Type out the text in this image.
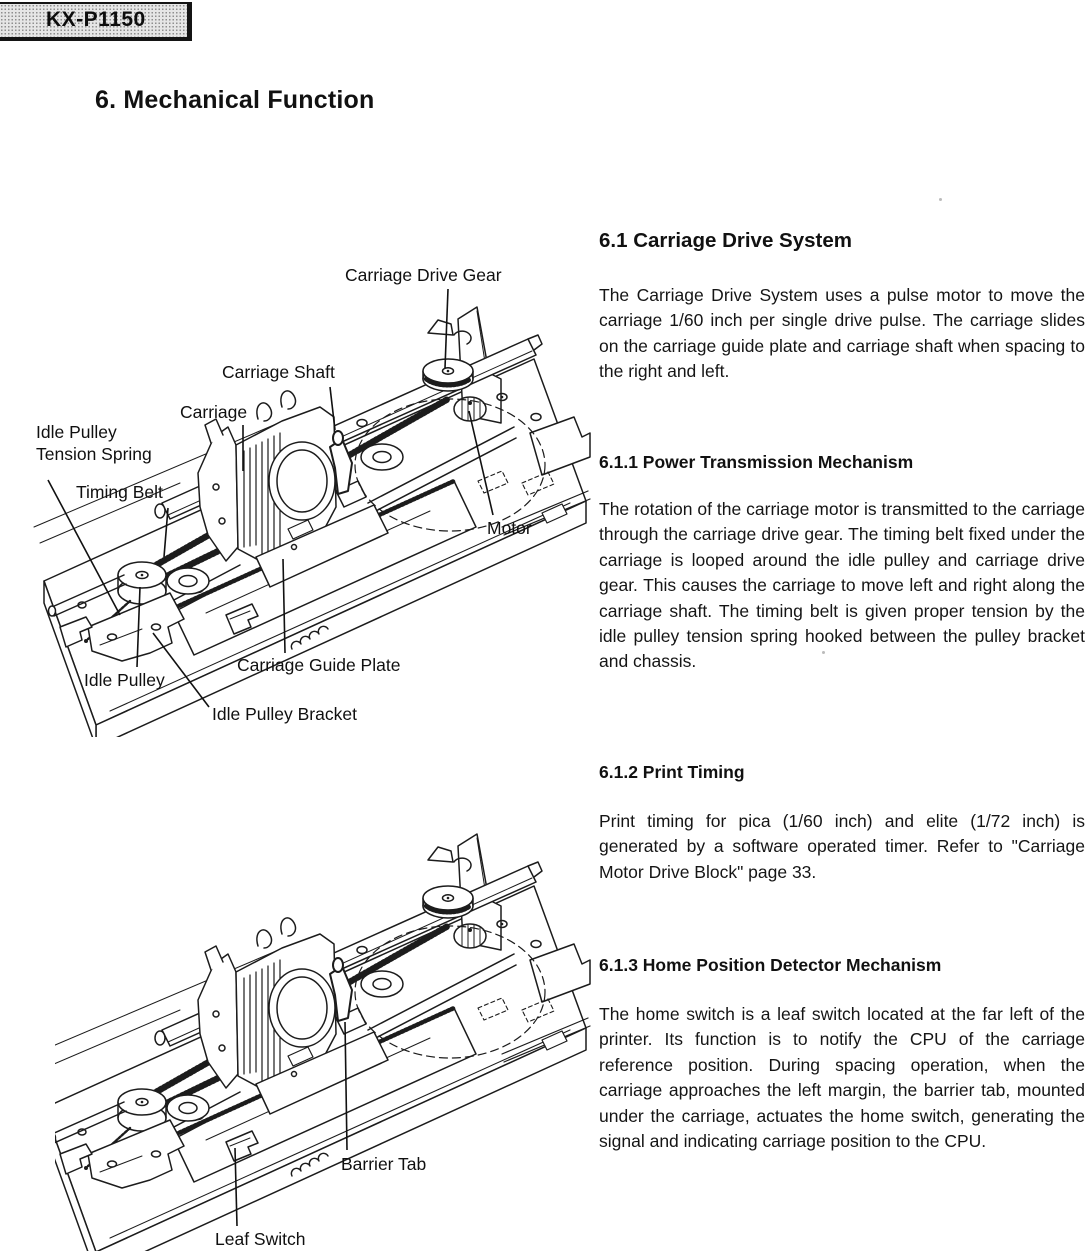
KX-P1150
6. Mechanical Function
6.1 Carriage Drive System
The Carriage Drive System uses a pulse motor to move the carriage 1/60 inch per single drive pulse. The carriage slides on the carriage guide plate and carriage shaft when spacing to the right and left.
6.1.1 Power Transmission Mechanism
The rotation of the carriage motor is transmitted to the carriage through the carriage drive gear. The timing belt fixed under the carriage is looped around the idle pulley and carriage drive gear. This causes the carriage to move left and right along the carriage shaft. The timing belt is given proper tension by the idle pulley tension spring hooked between the pulley bracket and chassis.
6.1.2 Print Timing
Print timing for pica (1/60 inch) and elite (1/72 inch) is generated by a software operated timer. Refer to "Carriage Motor Drive Block" page 33.
6.1.3 Home Position Detector Mechanism
The home switch is a leaf switch located at the far left of the printer. Its function is to notify the CPU of the carriage reference position. During spacing operation, when the carriage approaches the left margin, the barrier tab, mounted under the carriage, actuates the home switch, generating the signal and indicating carriage position to the CPU.
Carriage Drive Gear
Carriage Shaft
Carriage
Idle Pulley Tension Spring
Timing Belt
Motor
Idle Pulley
Carriage Guide Plate
Idle Pulley Bracket
Barrier Tab
Leaf Switch
